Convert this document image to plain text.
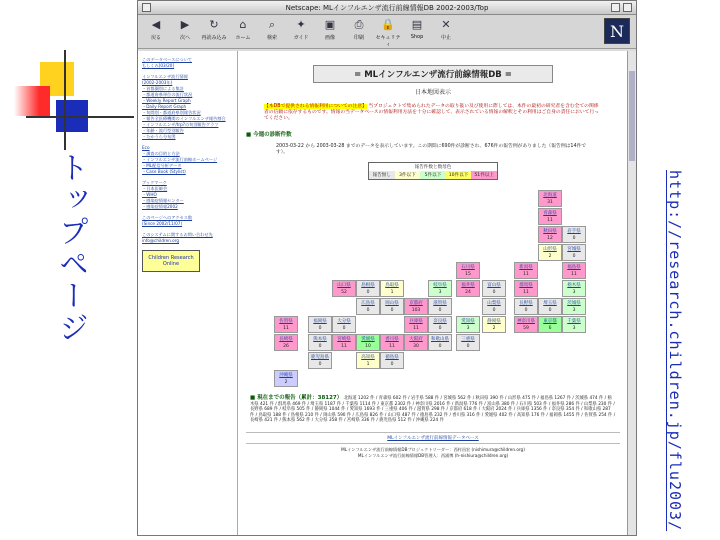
トップページ	http://research.children.jp/flu2003/
Netscape: MLインフルエンザ流行前線情報DB 2002-2003/Top
◀
戻る
▶
次へ
↻
再読み込み
⌂
ホーム
⌕
検索
✦
ガイド
▣
画像
⎙
印刷
🔒
セキュリティ
▤
Shop
✕
中止	N
このデータベースについて
もしくみ[03/20]
インフルエンザ流行情報
(2002-2003年)
・首都圏別による集計
・都道府県単位の流行状況
・Weekly Report Graph
・Daily Report Graph
・旬間別・都道府県別報告状況
・報告全医療機関のインフルエンザ報告割合
・インフルエンザ/trp?の旬別報告グラフ
・年齢・流行型別報告
・たかうら分布図
Eco
・調査の目的と方法
・インフルエンザ流行前線ホームページ
・ML配信分析データ
・Case Book (Stylist)
ブックマーク
・日本医師会
・WHO
・感染症情報センター
・感染症情報2002
このページへのアクセス数
(Since 2002/11/07)
このシステムに関するお問い合わせ先
info@children.org
Children Research Online
= MLインフルエンザ流行前線情報DB =
日本地図表示
【本DBで提供される情報利用についての注意】 当プロジェクトで集められたデータの取り扱い及び使用に際しては、本件の最初の研究者を含む全ての関係者の信頼に依存するものです。情報の当データベースの情報利用方法を十分に確認して、表示されている情報の解釈とその利用はご自身の責任において行ってください。
■ 今週の診断件数
2003-03-22 から 2003-03-28 までのデータを表示しています。この期間に690件が診断され、676件の報告例がありました（報告例は14件です）。
報告件数と数母色
報告無し	3件以下	5件以下	10件以下	51件以上
北海道
31
青森県
11
秋田県
12
岩手県
0
山形県
2
宮城県
0
新潟県
11
福島県
11
石川県
15
群馬県
11
栃木県
3
富山県
0
長野県
0
福井県
24
埼玉県
0
茨城県
3
山口県
52
島根県
0
鳥取県
1
岐阜県
3
京都府
103
滋賀県
0
山梨県
0
東京都
6
千葉県
3
広島県
0
岡山県
0
兵庫県
11
大阪府
30
奈良県
0
愛知県
3
静岡県
2
神奈川県
59
佐賀県
11
福岡県
0
大分県
0
和歌山県
0
三重県
0
長崎県
26
熊本県
0
宮崎県
11
愛媛県
10
香川県
11
徳島県
0
鹿児島県
0
高知県
1
沖縄県
2
■ 現在までの報告（累計：38127） 北海道 1202 件 / 青森県 602 件 / 岩手県 588 件 / 宮城県 562 件 / 秋田県 390 件 / 山形県 475 件 / 福島県 1267 件 / 茨城県 474 件 / 栃木県 421 件 / 群馬県 469 件 / 埼玉県 1187 件 / 千葉県 1114 件 / 東京都 2302 件 / 神奈川県 2016 件 / 新潟県 776 件 / 富山県 380 件 / 石川県 503 件 / 福井県 286 件 / 山梨県 230 件 / 長野県 689 件 / 岐阜県 505 件 / 静岡県 1044 件 / 愛知県 1693 件 / 三重県 406 件 / 滋賀県 298 件 / 京都府 618 件 / 大阪府 2024 件 / 兵庫県 1356 件 / 奈良県 354 件 / 和歌山県 287 件 / 鳥取県 188 件 / 島根県 210 件 / 岡山県 590 件 / 広島県 826 件 / 山口県 487 件 / 徳島県 232 件 / 香川県 316 件 / 愛媛県 402 件 / 高知県 176 件 / 福岡県 1455 件 / 佐賀県 254 件 / 長崎県 421 件 / 熊本県 562 件 / 大分県 358 件 / 宮崎県 336 件 / 鹿児島県 512 件 / 沖縄県 224 件
MLインフルエンザ流行前線情報データベース
MLインフルエンザ流行前線情報DBプロジェクトリーダー：西村昌宏 (nishimura@children.org)
MLインフルエンザ流行前線情報DB管理人：西浦博 (h-nishiura@children.org)
